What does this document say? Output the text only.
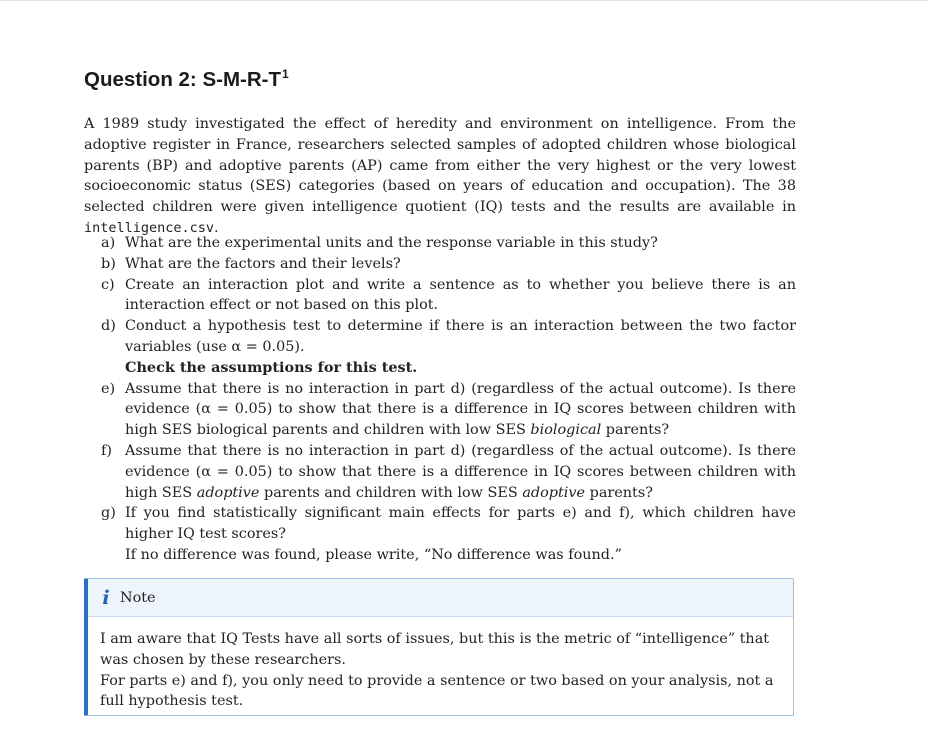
Question 2: $S-M-R-T^1$

A 1989 study investigated the effect of heredity and environment on intelligence. From the adoptive register in France, researchers selected samples of adopted children whose biological parents (BP) and adoptive parents (AP) came from either the very highest or the very lowest socioeconomic status (SES) categories (based on years of education and occupation). The 38 selected children were given intelligence quotient (IQ) tests and the results are available in intelligence.csv.

a) What are the experimental units and the response variable in this study?
b) What are the factors and their levels?
c) Create an interaction plot and write a sentence as to whether you believe there is an interaction effect or not based on this plot.
d) Conduct a hypothesis test to determine if there is an interaction between the two factor variables (use α = 0.05).
Check the assumptions for this test.
e) Assume that there is no interaction in part d) (regardless of the actual outcome). Is there evidence (α = 0.05) to show that there is a difference in IQ scores between children with high SES biological parents and children with low SES biological parents?
f) Assume that there is no interaction in part d) (regardless of the actual outcome). Is there evidence (α = 0.05) to show that there is a difference in IQ scores between children with high SES adoptive parents and children with low SES adoptive parents?
g) If you find statistically significant main effects for parts e) and f), which children have higher IQ test scores?
If no difference was found, please write, “No difference was found.”
i Note
I am aware that IQ Tests have all sorts of issues, but this is the metric of “intelligence” that was chosen by these researchers.
For parts e) and f), you only need to provide a sentence or two based on your analysis, not a full hypothesis test.
